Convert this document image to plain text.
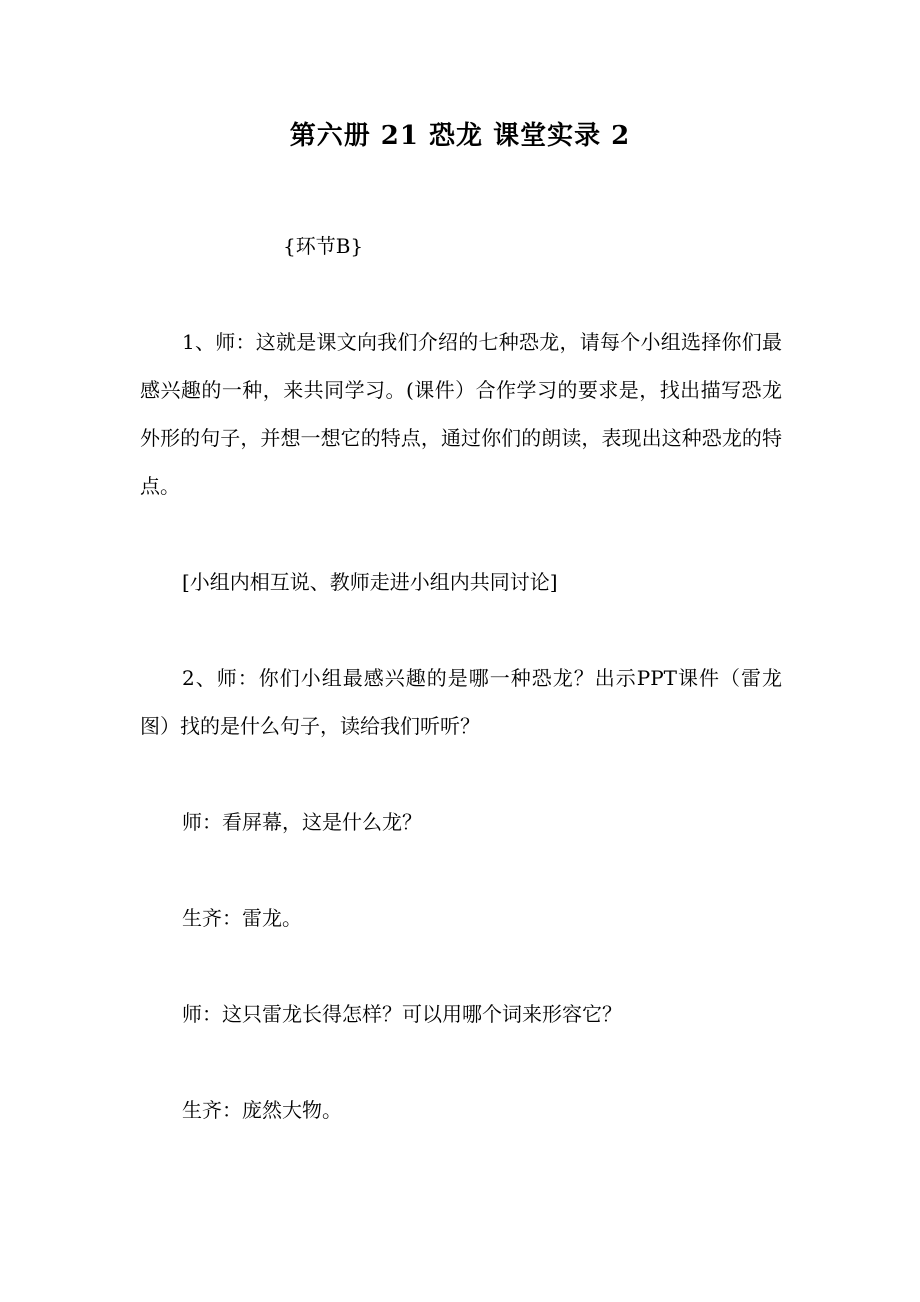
第六册 21 恐龙 课堂实录 2

{环节B}

1、师：这就是课文向我们介绍的七种恐龙，请每个小组选择你们最感兴趣的一种，来共同学习。(课件）合作学习的要求是，找出描写恐龙外形的句子，并想一想它的特点，通过你们的朗读，表现出这种恐龙的特点。

[小组内相互说、教师走进小组内共同讨论]

2、师：你们小组最感兴趣的是哪一种恐龙？出示PPT课件（雷龙图）找的是什么句子，读给我们听听？

师：看屏幕，这是什么龙？

生齐：雷龙。

师：这只雷龙长得怎样？可以用哪个词来形容它？

生齐：庞然大物。
